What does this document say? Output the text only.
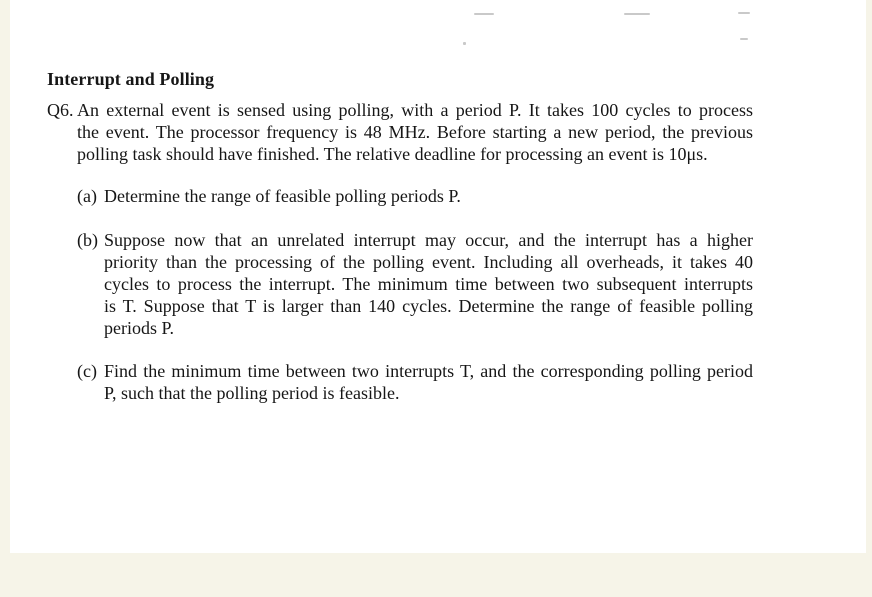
Interrupt and Polling
Q6. An external event is sensed using polling, with a period P. It takes 100 cycles to process
the event. The processor frequency is 48 MHz. Before starting a new period, the previous
polling task should have finished. The relative deadline for processing an event is 10μs.
(a) Determine the range of feasible polling periods P.
(b) Suppose now that an unrelated interrupt may occur, and the interrupt has a higher
priority than the processing of the polling event. Including all overheads, it takes 40
cycles to process the interrupt. The minimum time between two subsequent interrupts
is T. Suppose that T is larger than 140 cycles. Determine the range of feasible polling
periods P.
(c) Find the minimum time between two interrupts T, and the corresponding polling period
P, such that the polling period is feasible.
